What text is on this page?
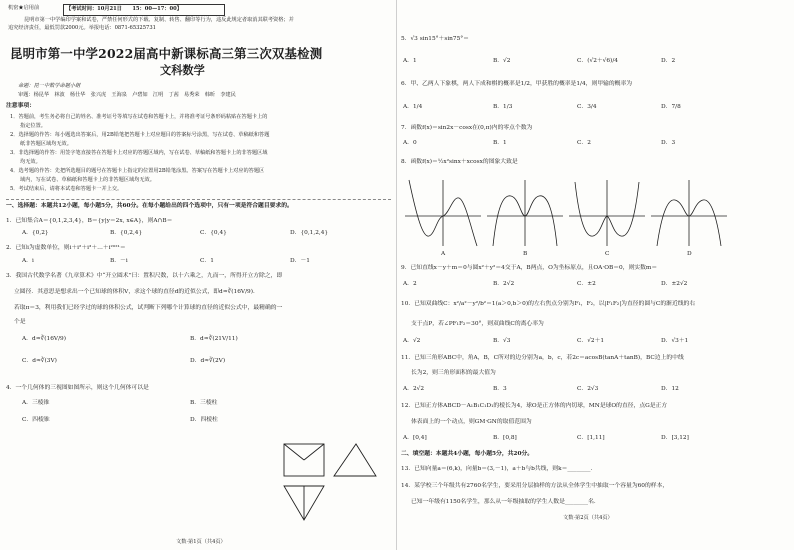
机密★启用前	【考试时间：10月21日　　15：00—17：00】
昆明市第一中学编印学案和试卷，严禁任何形式的下载、复制、转售、翻印等行为，违反此规定者取消其联考资格；并
追究经济责任，最低罚款2000元。举报电话：0871-65325731
昆明市第一中学2022届高中新课标高三第三次双基检测
文科数学
命题：昆一中数学命题小组
审题：杨昆华　林波　杨仕华　张兴虎　王海泉　卢碧如　江明　丁茜　易秀荣　韩昕　李建民
注意事项：
1．答题前，考生务必将自己的姓名、准考证号等填写在试卷和答题卡上，并将准考证号条形码粘贴在答题卡上的
指定位置。
2．选择题的作答：每小题选出答案后，用2B铅笔把答题卡上对应题目的答案标号涂黑，写在试卷、草稿纸和答题
纸非答题区域均无效。
3．非选择题的作答：用签字笔直接答在答题卡上对应的答题区域内，写在试卷、草稿纸和答题卡上的非答题区域
均无效。
4．选考题的作答：先把所选题目的题号在答题卡上指定的位置用2B铅笔涂黑。答案写在答题卡上对应的答题区
域内，写在试卷、草稿纸和答题卡上的非答题区域均无效。
5．考试结束后，请将本试卷和答题卡一并上交。
一、选择题：本题共12小题，每小题5分，共60分。在每小题给出的四个选项中，只有一项是符合题目要求的。
1．已知集合A＝{0,1,2,3,4}，B＝{y|y＝2x, x∈A}，则A∩B＝
A．{0,2}	B．{0,2,4}	C．{0,4}	D．{0,1,2,4}
2．已知i为虚数单位，则i＋i²＋i³＋…＋i²⁰²¹＝
A．i	B．－i	C．1	D．－1
3．我国古代数学名著《九章算术》中“开立圆术”曰：置积尺数，以十六乘之，九而一，所得开立方除之，即
立圆径．其意思是想求出一个已知球的体积V，求这个球的直径d的近似公式，即d≈∛(16V/9)．
若取π＝3，利用我们已经学过的球的体积公式，试判断下列哪个计算球的直径的近似公式中，最精确的一
个是
A．d≈∛(16V/9)	B．d≈∛(21V/11)
C．d≈∛(3V)	D．d≈∛(2V)
4．一个几何体的三视图如图所示，则这个几何体可以是
A．三棱锥	B．三棱柱
C．四棱锥	D．四棱柱
文数·第1页（共4页）
5．√3 sin15°＋sin75°＝
A．1	B．√2	C．(√2＋√6)/4	D．2
6．甲、乙两人下象棋，两人下成和棋的概率是1/2，甲获胜的概率是1/4，则甲输的概率为
A．1/4	B．1/3	C．3/4	D．7/8
7．函数f(x)＝sin2x－cosx在(0,π)内的零点个数为
A．0	B．1	C．2	D．3
8．函数f(x)＝½x²sinx＋xcosx的图象大致是
A	B	C	D
9．已知直线x－y＋m＝0与圆x²＋y²＝4交于A，B两点，O为坐标原点，且OA·OB＝0，则实数m＝
A．2	B．2√2	C．±2	D．±2√2
10．已知双曲线C：x²/a²－y²/b²＝1(a＞0,b＞0)的左右焦点分别为F₁，F₂，以|F₁F₂|为直径的圆与C的渐近线的右
支于点P，若∠PF₁F₂＝30°，则双曲线C的离心率为
A．√2	B．√3	C．√2＋1	D．√3＋1
11．已知三角形ABC中，角A，B，C所对的边分别为a，b，c，若2c＝acosB(tanA＋tanB)，BC边上的中线
长为2，则三角形面积的最大值为
A．2√2	B．3	C．2√3	D．12
12．已知正方体ABCD－A₁B₁C₁D₁的棱长为4，球O是正方体的内切球，MN是球O的直径，点G是正方
体表面上的一个动点，则GM·GN的取值范围为
A．[0,4]	B．[0,8]	C．[1,11]	D．[3,12]
二、填空题：本题共4小题，每小题5分，共20分。
13．已知向量a＝(6,k)，向量b＝(3,－1)，a＋b与b共线，则k＝________．
14．某学校三个年级共有2760名学生，要采用分层抽样的方法从全体学生中抽取一个容量为60的样本，
已知一年级有1150名学生，那么从一年级抽取的学生人数是________名．
文数·第2页（共4页）
